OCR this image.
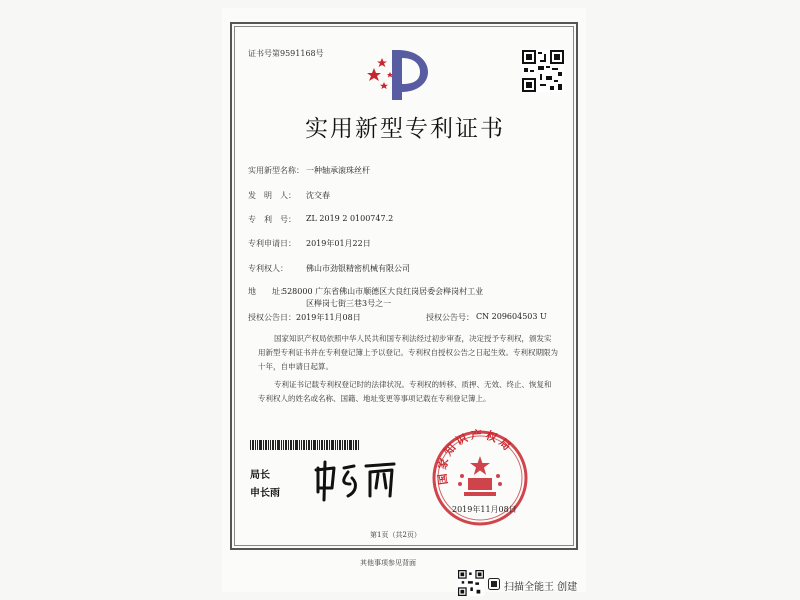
证书号第9591168号
实用新型专利证书
实用新型名称： 一种轴承滚珠丝杆
发　明　人： 沈交春
专　利　号： ZL 2019 2 0100747.2
专利申请日： 2019年01月22日
专利权人： 佛山市劲银精密机械有限公司
地　　址：
528000 广东省佛山市顺德区大良红岗居委会榉岗村工业
区榉岗七街三巷3号之一
授权公告日： 2019年11月08日	授权公告号： CN 209604503 U
国家知识产权局依照中华人民共和国专利法经过初步审查，决定授予专利权，颁发实用新型专利证书并在专利登记簿上予以登记。专利权自授权公告之日起生效。专利权期限为十年，自申请日起算。
专利证书记载专利权登记时的法律状况。专利权的转移、质押、无效、终止、恢复和专利权人的姓名或名称、国籍、地址变更等事项记载在专利登记簿上。
局长
申长雨
国家知识产权局
2019年11月08日
第1页（共2页）
其他事项参见背面
扫描全能王 创建
